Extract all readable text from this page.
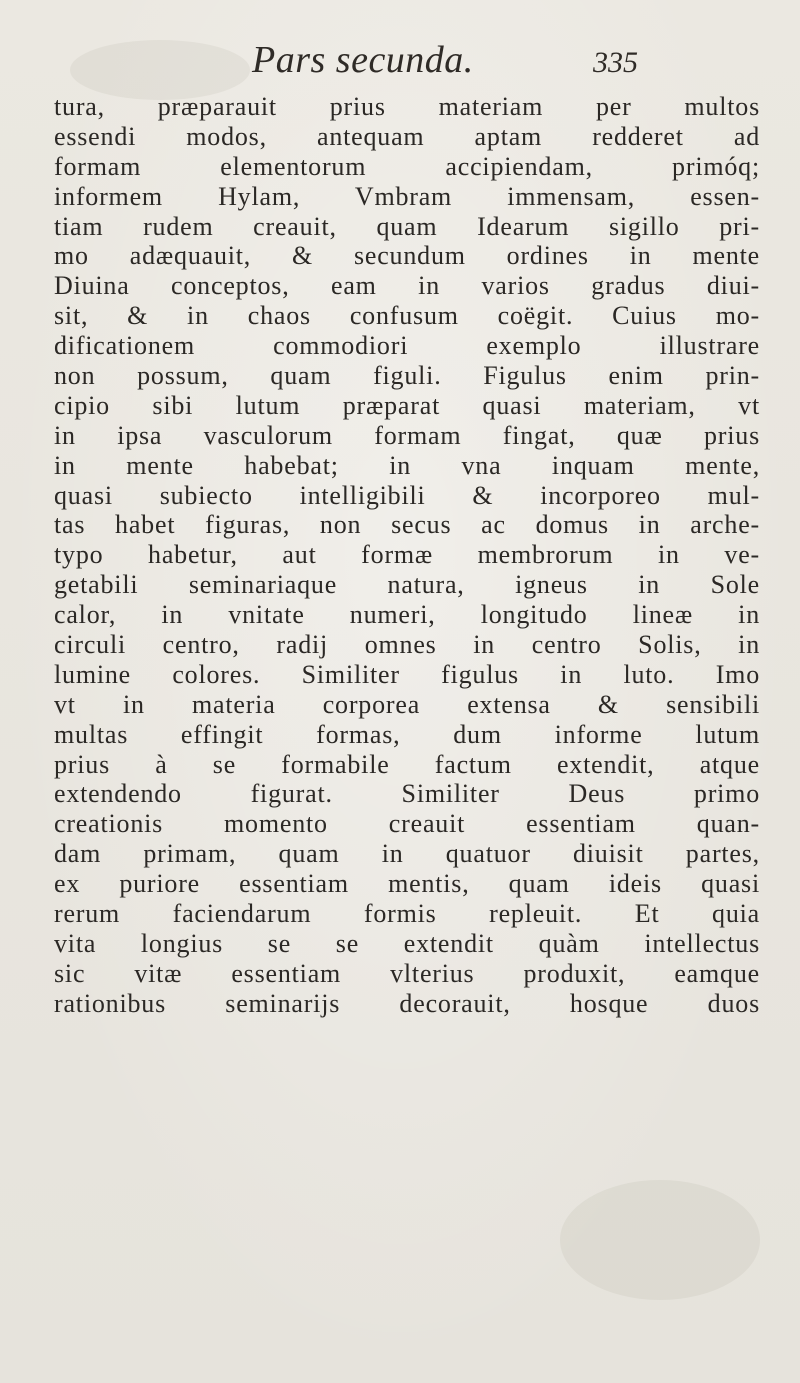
Pars secunda.	335
tura, præparauit prius materiam per multos
essendi modos, antequam aptam redderet ad
formam elementorum accipiendam, primóq;
informem Hylam, Vmbram immensam, essen-
tiam rudem creauit, quam Idearum sigillo pri-
mo adæquauit, & secundum ordines in mente
Diuina conceptos, eam in varios gradus diui-
sit, & in chaos confusum coëgit. Cuius mo-
dificationem commodiori exemplo illustrare
non possum, quam figuli. Figulus enim prin-
cipio sibi lutum præparat quasi materiam, vt
in ipsa vasculorum formam fingat, quæ prius
in mente habebat; in vna inquam mente,
quasi subiecto intelligibili & incorporeo mul-
tas habet figuras, non secus ac domus in arche-
typo habetur, aut formæ membrorum in ve-
getabili seminariaque natura, igneus in Sole
calor, in vnitate numeri, longitudo lineæ in
circuli centro, radij omnes in centro Solis, in
lumine colores. Similiter figulus in luto. Imo
vt in materia corporea extensa & sensibili
multas effingit formas, dum informe lutum
prius à se formabile factum extendit, atque
extendendo figurat. Similiter Deus primo
creationis momento creauit essentiam quan-
dam primam, quam in quatuor diuisit partes,
ex puriore essentiam mentis, quam ideis quasi
rerum faciendarum formis repleuit. Et quia
vita longius se se extendit quàm intellectus
sic vitæ essentiam vlterius produxit, eamque
rationibus seminarijs decorauit, hosque duos
